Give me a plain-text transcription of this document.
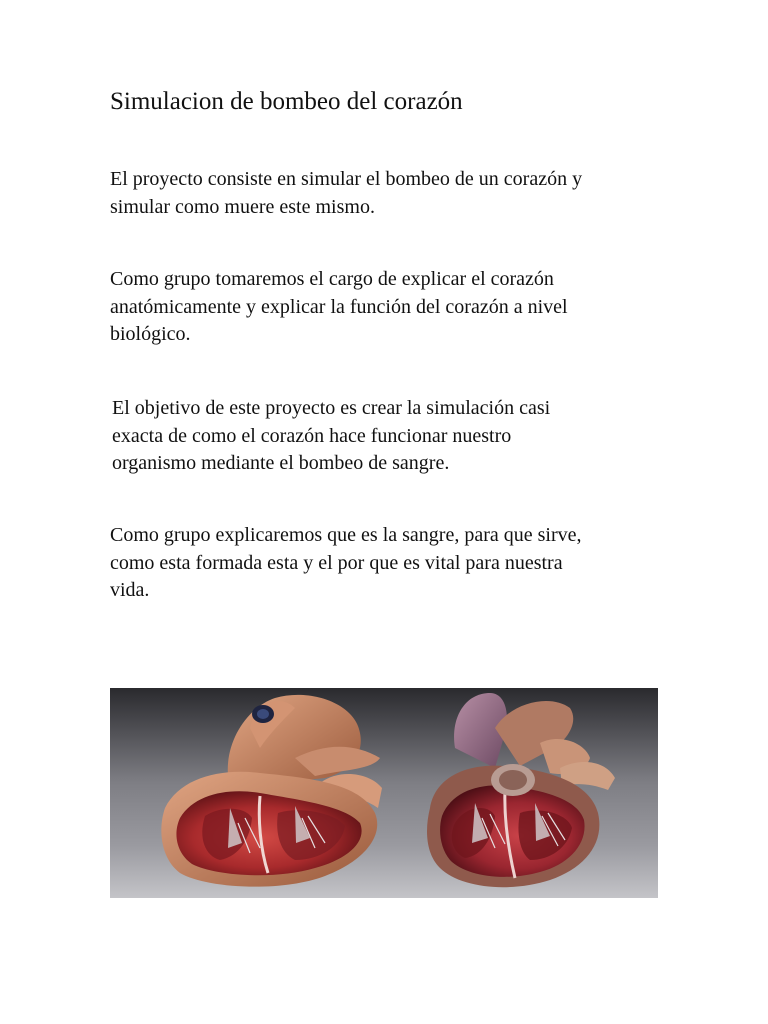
Simulacion de bombeo del corazón

El proyecto consiste en simular el bombeo de un corazón y
simular como muere este mismo.

Como grupo tomaremos el cargo de explicar el corazón
anatómicamente y explicar la función del corazón a nivel
biológico.

El objetivo de este proyecto es crear la simulación casi
exacta de como el corazón hace funcionar nuestro
organismo mediante el bombeo de sangre.

Como grupo explicaremos que es la sangre, para que sirve,
como esta formada esta y el por que es vital para nuestra
vida.
